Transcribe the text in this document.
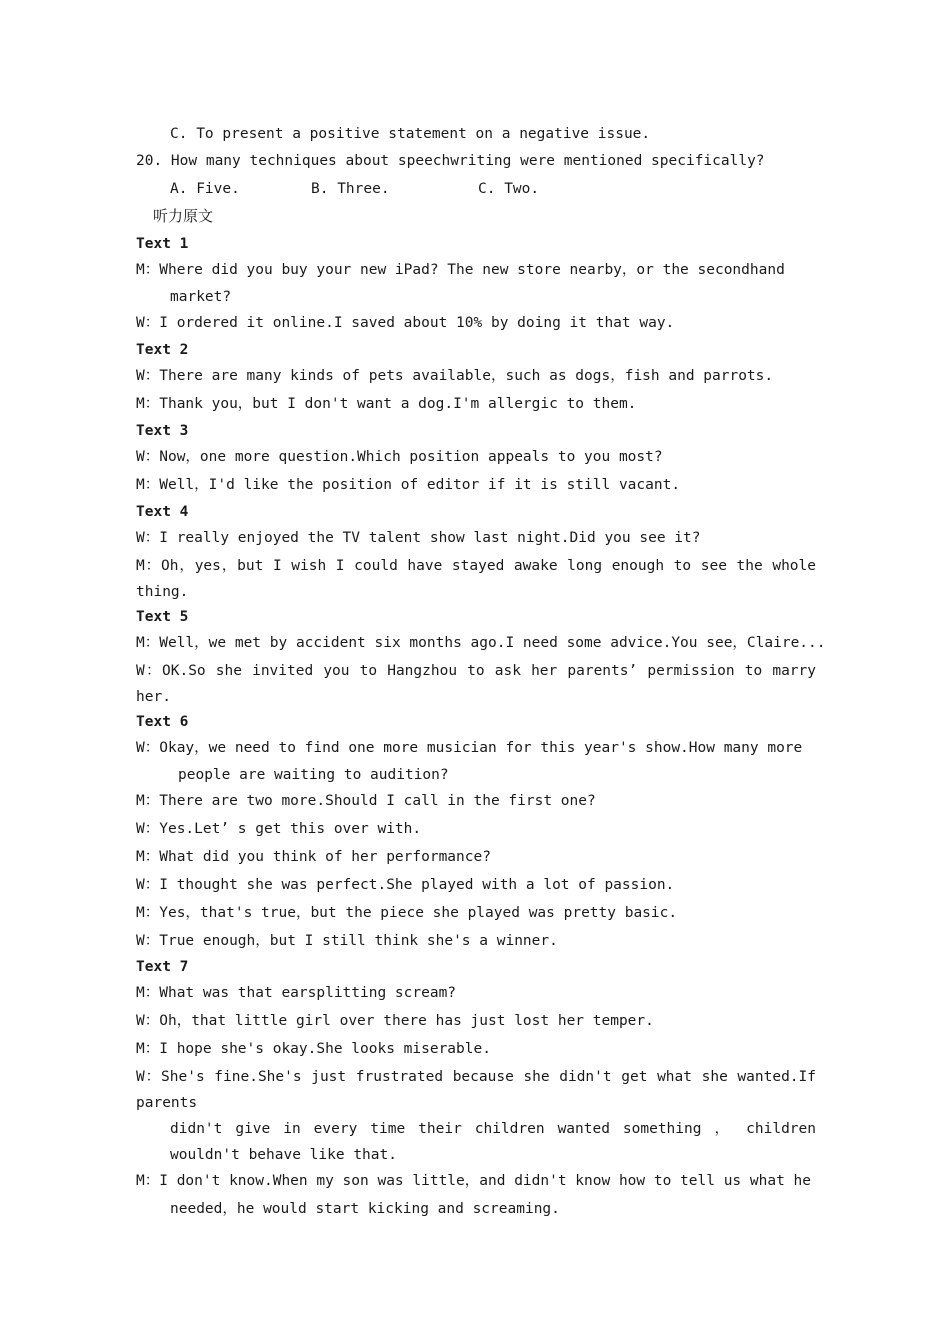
C. To present a positive statement on a negative issue.
20. How many techniques about speechwriting were mentioned specifically?
A. Five.	B. Three.	C. Two.
听力原文
Text 1
M：Where did you buy your new iPad? The new store nearby，or the secondhand
market?
W：I ordered it online.I saved about 10% by doing it that way.
Text 2
W：There are many kinds of pets available，such as dogs，fish and parrots.
M：Thank you，but I don't want a dog.I'm allergic to them.
Text 3
W：Now，one more question.Which position appeals to you most?
M：Well，I'd like the position of editor if it is still vacant.
Text 4
W：I really enjoyed the TV talent show last night.Did you see it?
M：Oh，yes，but I wish I could have stayed awake long enough to see the whole
thing.
Text 5
M：Well，we met by accident six months ago.I need some advice.You see，Claire...
W：OK.So she invited you to Hangzhou to ask her parents’ permission to marry
her.
Text 6
W：Okay，we need to find one more musician for this year's show.How many more
people are waiting to audition?
M：There are two more.Should I call in the first one?
W：Yes.Let’ s get this over with.
M：What did you think of her performance?
W：I thought she was perfect.She played with a lot of passion.
M：Yes，that's true，but the piece she played was pretty basic.
W：True enough，but I still think she's a winner.
Text 7
M：What was that earsplitting scream?
W：Oh，that little girl over there has just lost her temper.
M：I hope she's okay.She looks miserable.
W：She's fine.She's just frustrated because she didn't get what she wanted.If
parents
didn't give in every time their children wanted something ， children
wouldn't behave like that.
M：I don't know.When my son was little，and didn't know how to tell us what he
needed，he would start kicking and screaming.
